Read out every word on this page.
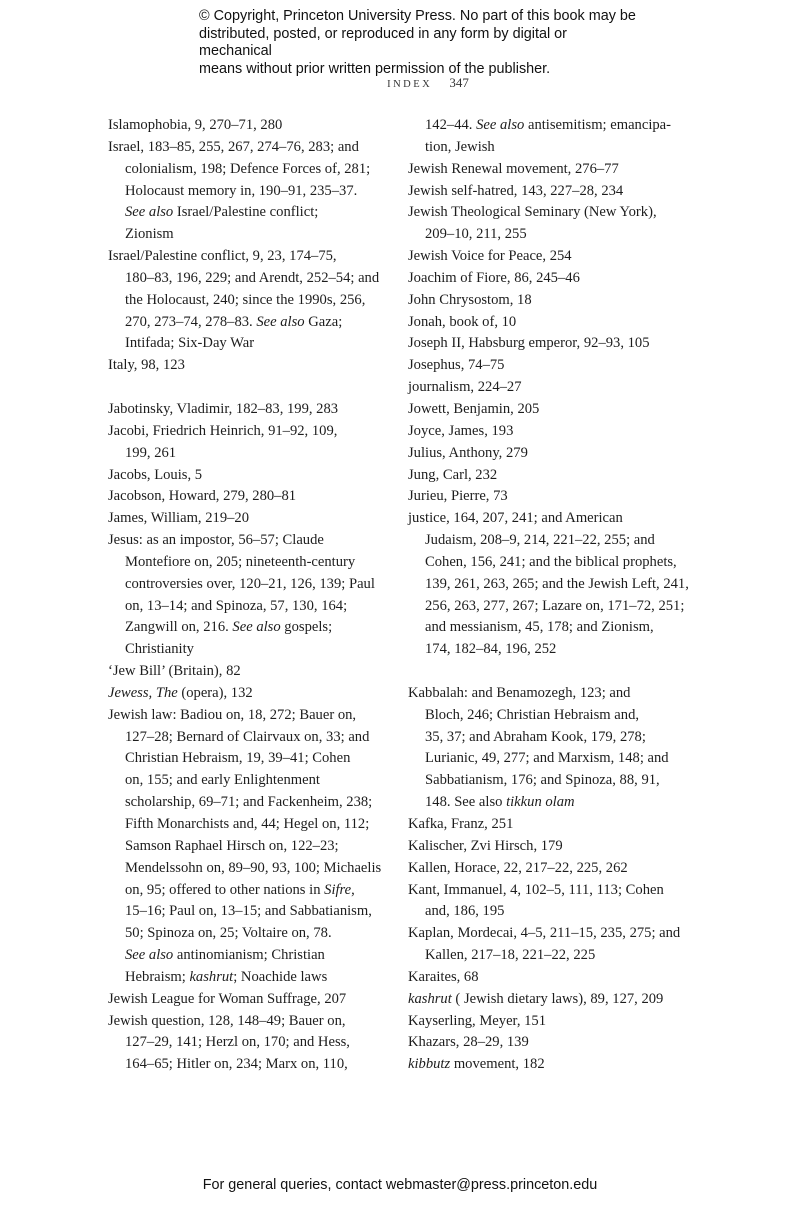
© Copyright, Princeton University Press. No part of this book may be
distributed, posted, or reproduced in any form by digital or mechanical
means without prior written permission of the publisher.
INDEX 347
Islamophobia, 9, 270–71, 280
Israel, 183–85, 255, 267, 274–76, 283; and
colonialism, 198; Defence Forces of, 281;
Holocaust memory in, 190–91, 235–37.
See also Israel/Palestine conflict;
Zionism
Israel/Palestine conflict, 9, 23, 174–75,
180–83, 196, 229; and Arendt, 252–54; and
the Holocaust, 240; since the 1990s, 256,
270, 273–74, 278–83. See also Gaza;
Intifada; Six-Day War
Italy, 98, 123
Jabotinsky, Vladimir, 182–83, 199, 283
Jacobi, Friedrich Heinrich, 91–92, 109,
199, 261
Jacobs, Louis, 5
Jacobson, Howard, 279, 280–81
James, William, 219–20
Jesus: as an impostor, 56–57; Claude
Montefiore on, 205; nineteenth-century
controversies over, 120–21, 126, 139; Paul
on, 13–14; and Spinoza, 57, 130, 164;
Zangwill on, 216. See also gospels;
Christianity
‘Jew Bill’ (Britain), 82
Jewess, The (opera), 132
Jewish law: Badiou on, 18, 272; Bauer on,
127–28; Bernard of Clairvaux on, 33; and
Christian Hebraism, 19, 39–41; Cohen
on, 155; and early Enlightenment
scholarship, 69–71; and Fackenheim, 238;
Fifth Monarchists and, 44; Hegel on, 112;
Samson Raphael Hirsch on, 122–23;
Mendelssohn on, 89–90, 93, 100; Michaelis
on, 95; offered to other nations in Sifre,
15–16; Paul on, 13–15; and Sabbatianism,
50; Spinoza on, 25; Voltaire on, 78.
See also antinomianism; Christian
Hebraism; kashrut; Noachide laws
Jewish League for Woman Suffrage, 207
Jewish question, 128, 148–49; Bauer on,
127–29, 141; Herzl on, 170; and Hess,
164–65; Hitler on, 234; Marx on, 110,
142–44. See also antisemitism; emancipa-
tion, Jewish
Jewish Renewal movement, 276–77
Jewish self-hatred, 143, 227–28, 234
Jewish Theological Seminary (New York),
209–10, 211, 255
Jewish Voice for Peace, 254
Joachim of Fiore, 86, 245–46
John Chrysostom, 18
Jonah, book of, 10
Joseph II, Habsburg emperor, 92–93, 105
Josephus, 74–75
journalism, 224–27
Jowett, Benjamin, 205
Joyce, James, 193
Julius, Anthony, 279
Jung, Carl, 232
Jurieu, Pierre, 73
justice, 164, 207, 241; and American
Judaism, 208–9, 214, 221–22, 255; and
Cohen, 156, 241; and the biblical prophets,
139, 261, 263, 265; and the Jewish Left, 241,
256, 263, 277, 267; Lazare on, 171–72, 251;
and messianism, 45, 178; and Zionism,
174, 182–84, 196, 252
Kabbalah: and Benamozegh, 123; and
Bloch, 246; Christian Hebraism and,
35, 37; and Abraham Kook, 179, 278;
Lurianic, 49, 277; and Marxism, 148; and
Sabbatianism, 176; and Spinoza, 88, 91,
148. See also tikkun olam
Kafka, Franz, 251
Kalischer, Zvi Hirsch, 179
Kallen, Horace, 22, 217–22, 225, 262
Kant, Immanuel, 4, 102–5, 111, 113; Cohen
and, 186, 195
Kaplan, Mordecai, 4–5, 211–15, 235, 275; and
Kallen, 217–18, 221–22, 225
Karaites, 68
kashrut ( Jewish dietary laws), 89, 127, 209
Kayserling, Meyer, 151
Khazars, 28–29, 139
kibbutz movement, 182
For general queries, contact webmaster@press.princeton.edu
